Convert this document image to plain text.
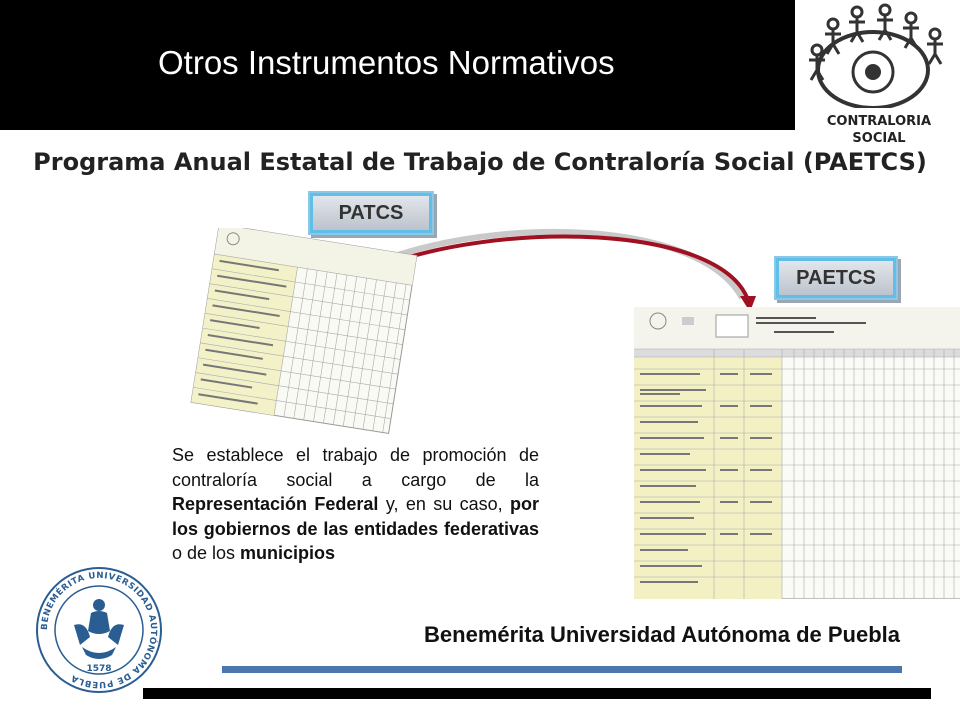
Otros Instrumentos Normativos
CONTRALORIA
SOCIAL
Programa Anual Estatal de Trabajo de Contraloría Social (PAETCS)
PATCS
PAETCS
Se establece el trabajo de promoción de contraloría social a cargo de la Representación Federal y, en su caso, por los gobiernos de las entidades federativas o de los municipios
BENEMÉRITA UNIVERSIDAD AUTÓNOMA DE PUEBLA
1578
Benemérita Universidad Autónoma de Puebla
